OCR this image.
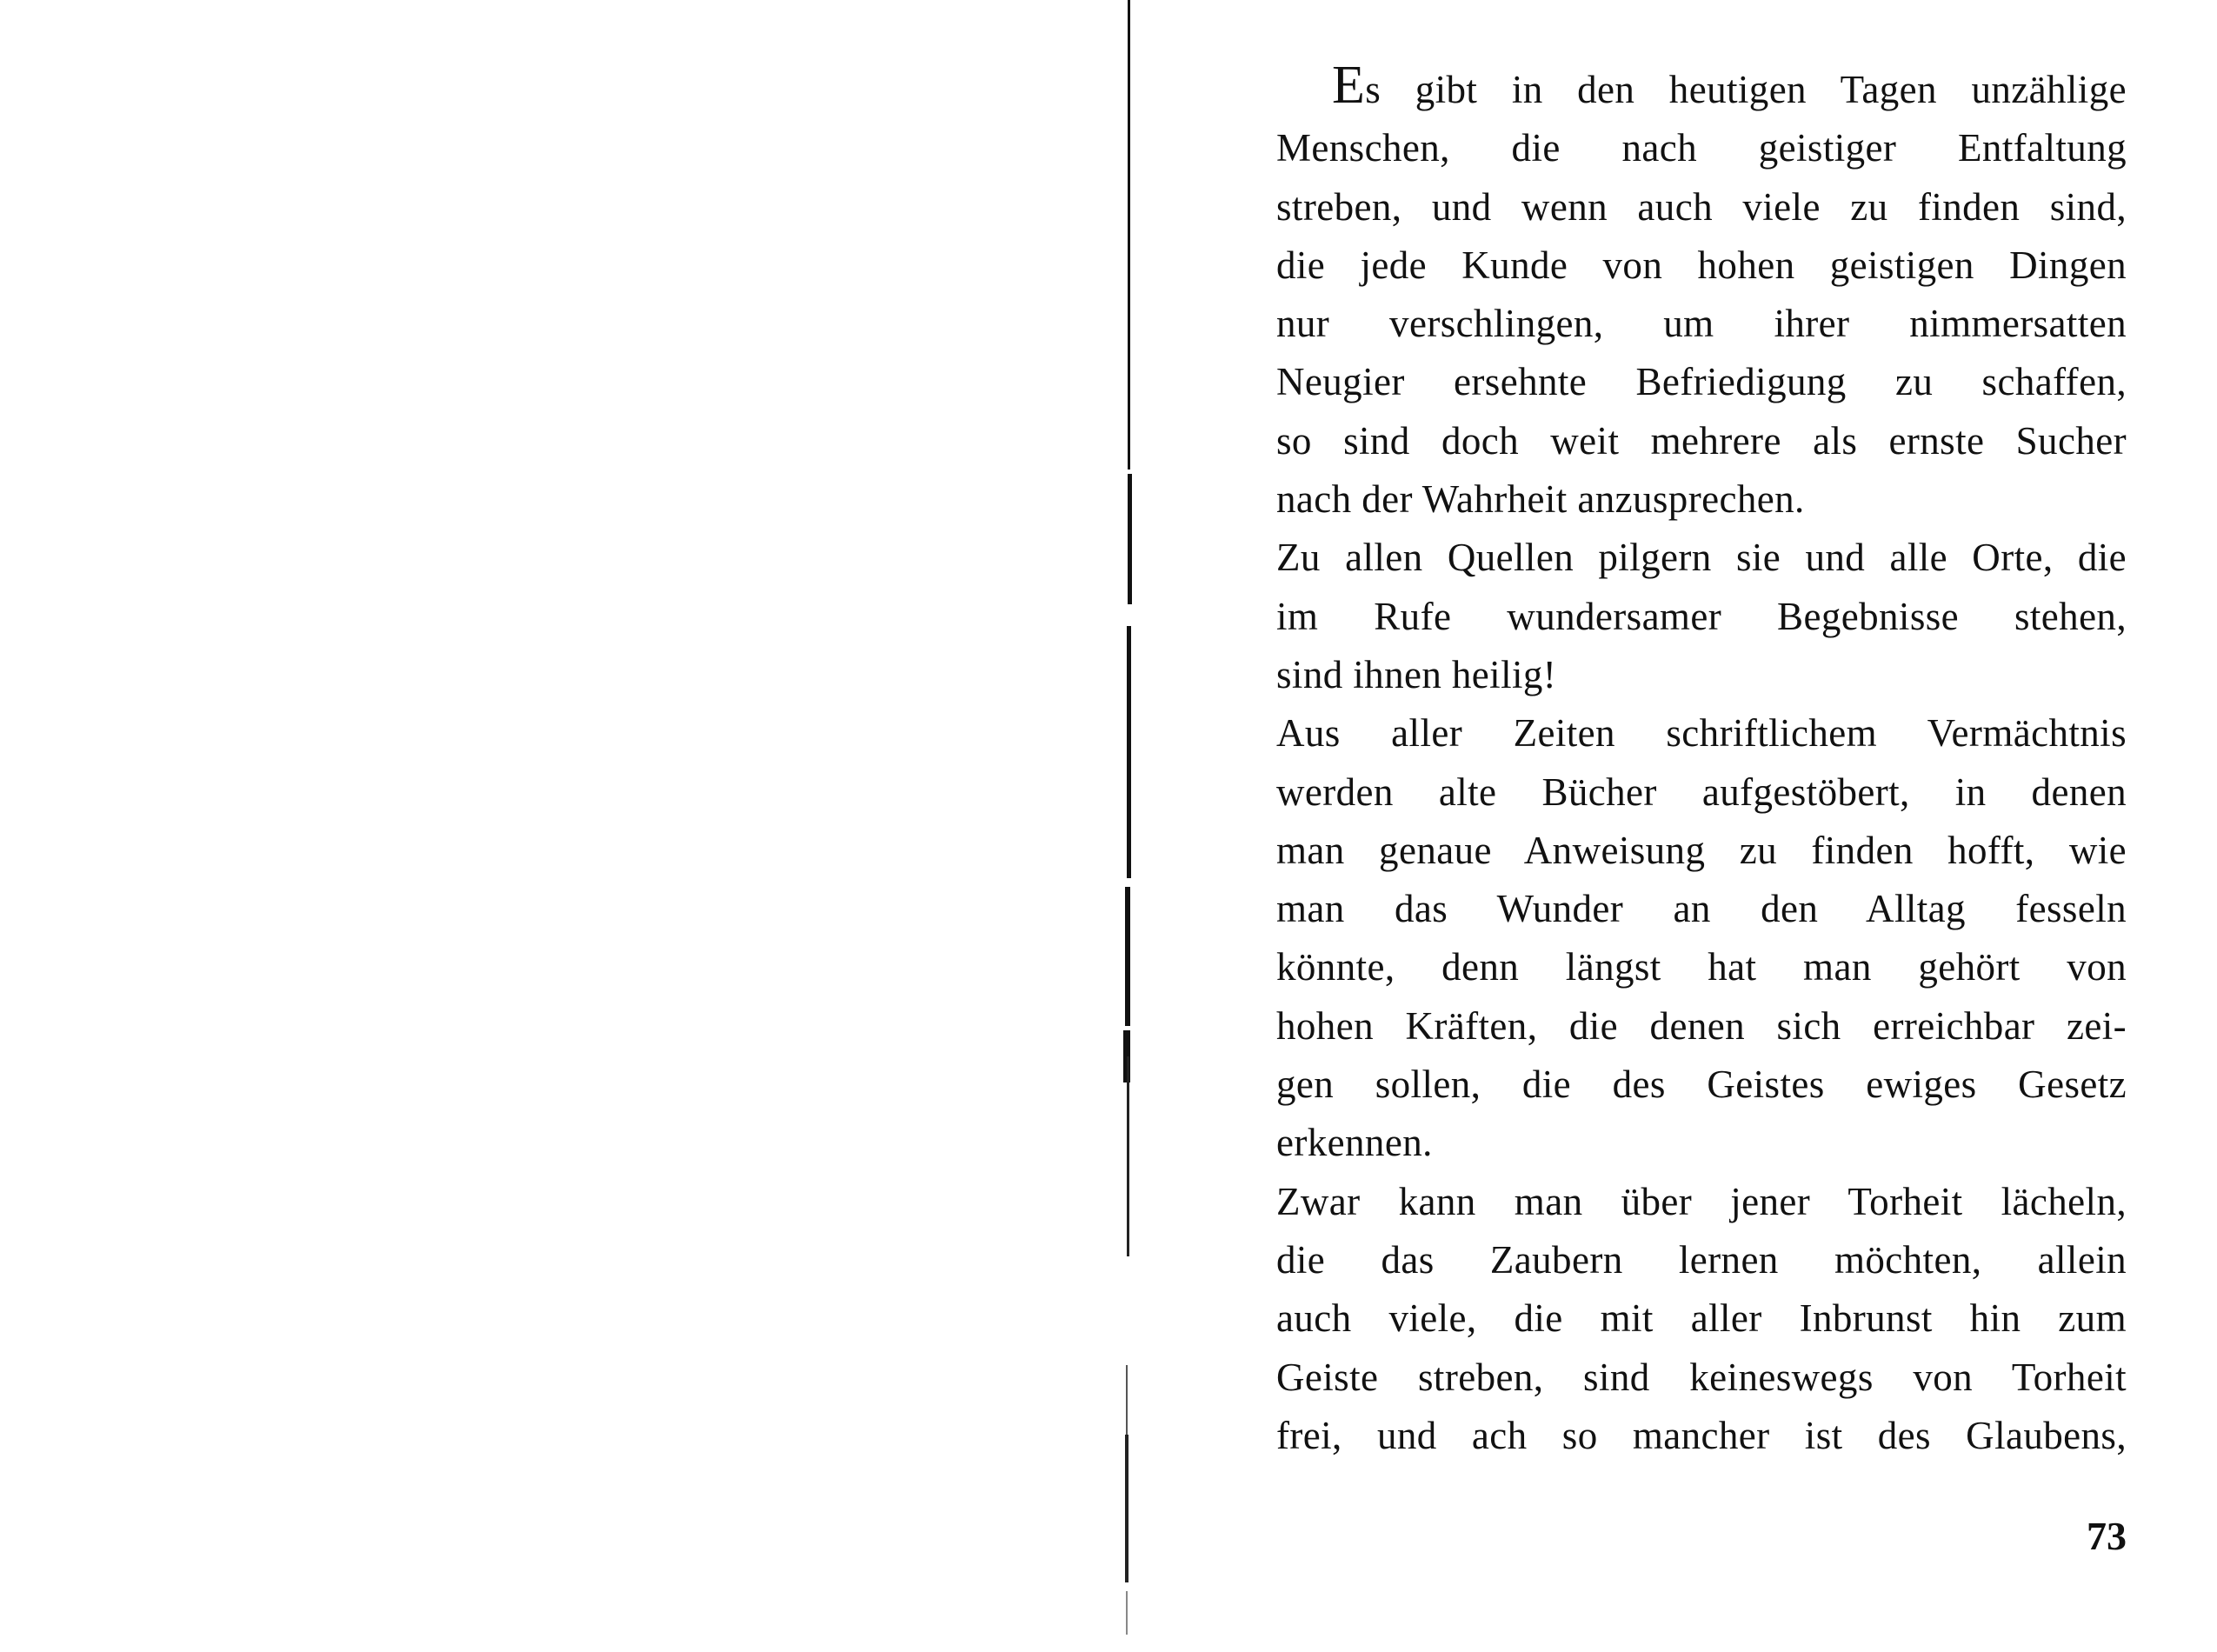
Es gibt in den heutigen Tagen unzählige
Menschen, die nach geistiger Entfaltung
streben, und wenn auch viele zu finden sind,
die jede Kunde von hohen geistigen Dingen
nur verschlingen, um ihrer nimmersatten
Neugier ersehnte Befriedigung zu schaffen,
so sind doch weit mehrere als ernste Sucher
nach der Wahrheit anzusprechen.
Zu allen Quellen pilgern sie und alle Orte, die
im Rufe wundersamer Begebnisse stehen,
sind ihnen heilig!
Aus aller Zeiten schriftlichem Vermächtnis
werden alte Bücher aufgestöbert, in denen
man genaue Anweisung zu finden hofft, wie
man das Wunder an den Alltag fesseln
könnte, denn längst hat man gehört von
hohen Kräften, die denen sich erreichbar zei-
gen sollen, die des Geistes ewiges Gesetz
erkennen.
Zwar kann man über jener Torheit lächeln,
die das Zaubern lernen möchten, allein
auch viele, die mit aller Inbrunst hin zum
Geiste streben, sind keineswegs von Torheit
frei, und ach so mancher ist des Glaubens,
73
